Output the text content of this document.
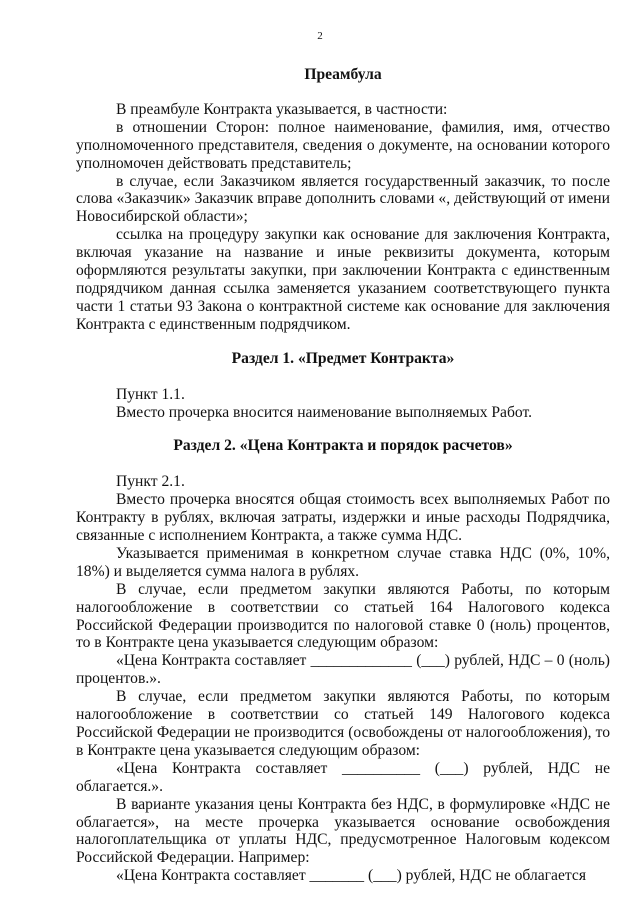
2

Преамбула

В преамбуле Контракта указывается, в частности:

в отношении Сторон: полное наименование, фамилия, имя, отчество уполномоченного представителя, сведения о документе, на основании которого уполномочен действовать представитель;

в случае, если Заказчиком является государственный заказчик, то после слова «Заказчик» Заказчик вправе дополнить словами «, действующий от имени Новосибирской области»;

ссылка на процедуру закупки как основание для заключения Контракта, включая указание на название и иные реквизиты документа, которым оформляются результаты закупки, при заключении Контракта с единственным подрядчиком данная ссылка заменяется указанием соответствующего пункта части 1 статьи 93 Закона о контрактной системе как основание для заключения Контракта с единственным подрядчиком.

Раздел 1. «Предмет Контракта»

Пункт 1.1.

Вместо прочерка вносится наименование выполняемых Работ.

Раздел 2. «Цена Контракта и порядок расчетов»

Пункт 2.1.

Вместо прочерка вносятся общая стоимость всех выполняемых Работ по Контракту в рублях, включая затраты, издержки и иные расходы Подрядчика, связанные с исполнением Контракта, а также сумма НДС.

Указывается применимая в конкретном случае ставка НДС (0%, 10%, 18%) и выделяется сумма налога в рублях.

В случае, если предметом закупки являются Работы, по которым налогообложение в соответствии со статьей 164 Налогового кодекса Российской Федерации производится по налоговой ставке 0 (ноль) процентов, то в Контракте цена указывается следующим образом:

«Цена Контракта составляет _____________ (___) рублей, НДС – 0 (ноль) процентов.».

В случае, если предметом закупки являются Работы, по которым налогообложение в соответствии со статьей 149 Налогового кодекса Российской Федерации не производится (освобождены от налогообложения), то в Контракте цена указывается следующим образом:

«Цена Контракта составляет __________ (___) рублей, НДС не облагается.».

В варианте указания цены Контракта без НДС, в формулировке «НДС не облагается», на месте прочерка указывается основание освобождения налогоплательщика от уплаты НДС, предусмотренное Налоговым кодексом Российской Федерации. Например:

«Цена Контракта составляет _______ (___) рублей, НДС не облагается
